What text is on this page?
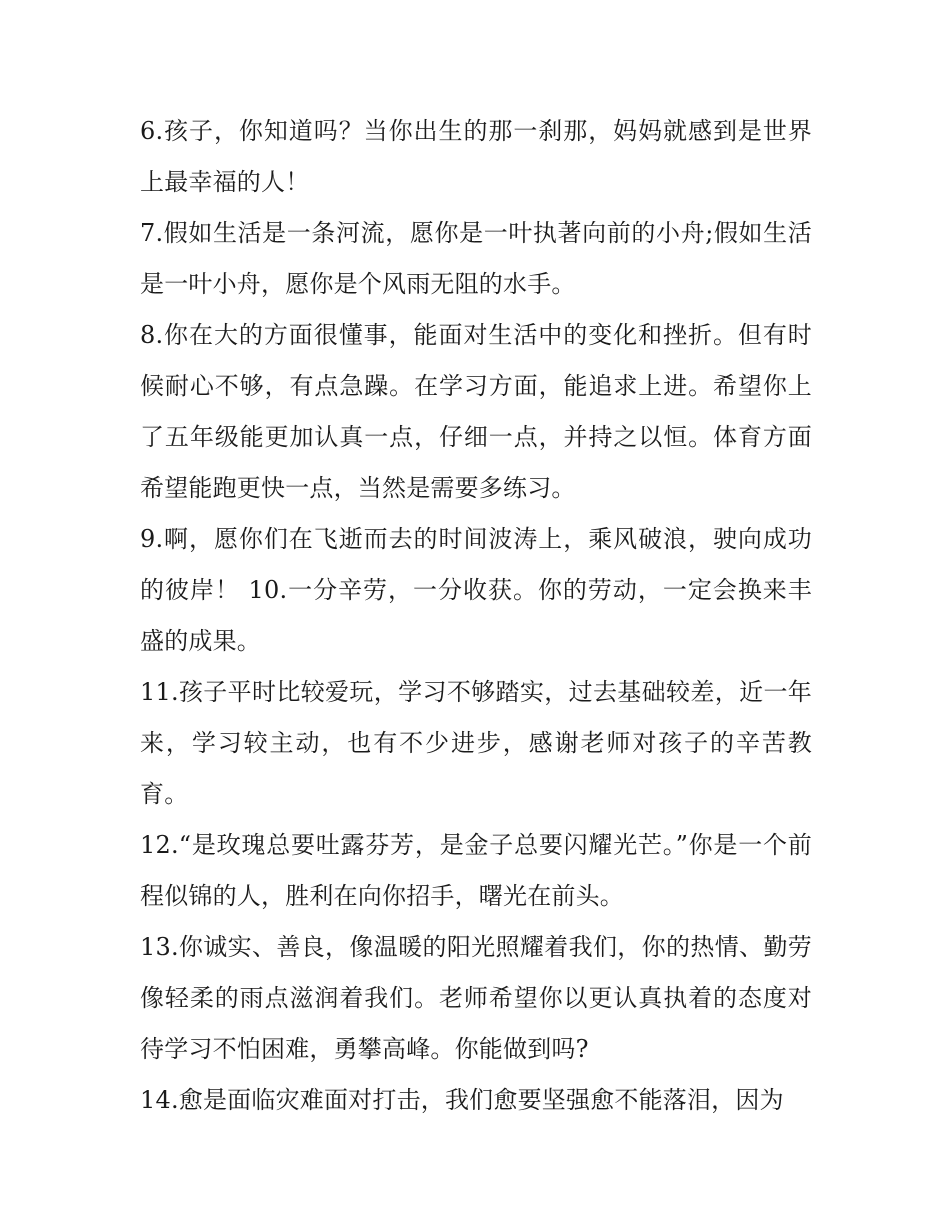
6.孩子，你知道吗？当你出生的那一刹那，妈妈就感到是世界上最幸福的人！

7.假如生活是一条河流，愿你是一叶执著向前的小舟;假如生活是一叶小舟，愿你是个风雨无阻的水手。

8.你在大的方面很懂事，能面对生活中的变化和挫折。但有时候耐心不够，有点急躁。在学习方面，能追求上进。希望你上了五年级能更加认真一点，仔细一点，并持之以恒。体育方面希望能跑更快一点，当然是需要多练习。

9.啊，愿你们在飞逝而去的时间波涛上，乘风破浪，驶向成功的彼岸！ 10.一分辛劳，一分收获。你的劳动，一定会换来丰盛的成果。

11.孩子平时比较爱玩，学习不够踏实，过去基础较差，近一年来，学习较主动，也有不少进步，感谢老师对孩子的辛苦教育。

12.“是玫瑰总要吐露芬芳，是金子总要闪耀光芒。”你是一个前程似锦的人，胜利在向你招手，曙光在前头。

13.你诚实、善良，像温暖的阳光照耀着我们，你的热情、勤劳像轻柔的雨点滋润着我们。老师希望你以更认真执着的态度对待学习不怕困难，勇攀高峰。你能做到吗?

14.愈是面临灾难面对打击，我们愈要坚强愈不能落泪，因为
